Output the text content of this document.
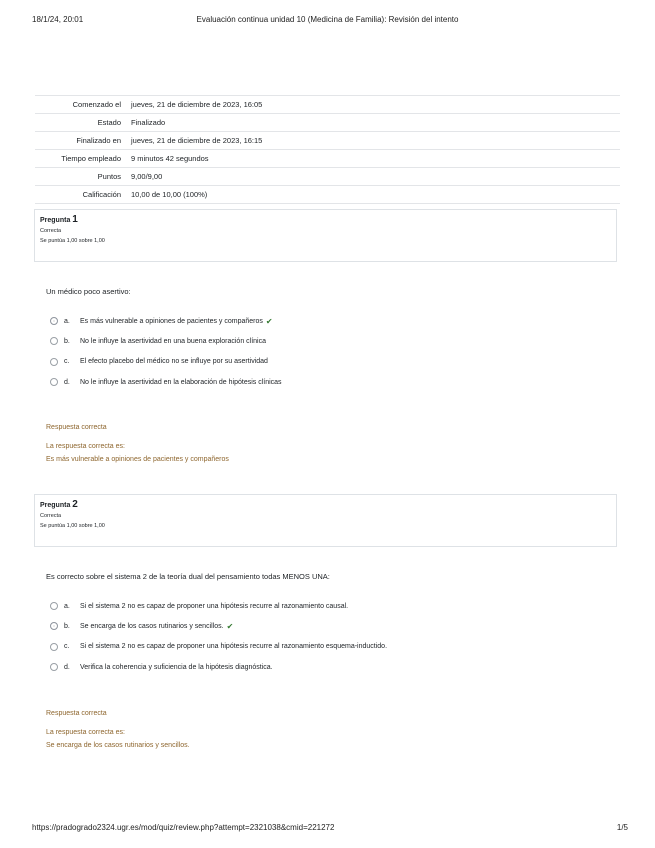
18/1/24, 20:01	Evaluación continua unidad 10 (Medicina de Familia): Revisión del intento
Comenzado el	jueves, 21 de diciembre de 2023, 16:05
Estado	Finalizado
Finalizado en	jueves, 21 de diciembre de 2023, 16:15
Tiempo empleado	9 minutos 42 segundos
Puntos	9,00/9,00
Calificación	10,00 de 10,00 (100%)
Pregunta 1
Correcta
Se puntúa 1,00 sobre 1,00
Un médico poco asertivo:
a.	Es más vulnerable a opiniones de pacientes y compañeros ✔
b.	No le influye la asertividad en una buena exploración clínica
c.	El efecto placebo del médico no se influye por su asertividad
d.	No le influye la asertividad en la elaboración de hipótesis clínicas
Respuesta correcta
La respuesta correcta es:
Es más vulnerable a opiniones de pacientes y compañeros
Pregunta 2
Correcta
Se puntúa 1,00 sobre 1,00
Es correcto sobre el sistema 2 de la teoría dual del pensamiento todas MENOS UNA:
a.	Si el sistema 2 no es capaz de proponer una hipótesis recurre al razonamiento causal.
b.	Se encarga de los casos rutinarios y sencillos. ✔
c.	Si el sistema 2 no es capaz de proponer una hipótesis recurre al razonamiento esquema-inductido.
d.	Verifica la coherencia y suficiencia de la hipótesis diagnóstica.
Respuesta correcta
La respuesta correcta es:
Se encarga de los casos rutinarios y sencillos.
https://pradogrado2324.ugr.es/mod/quiz/review.php?attempt=2321038&cmid=221272	1/5
